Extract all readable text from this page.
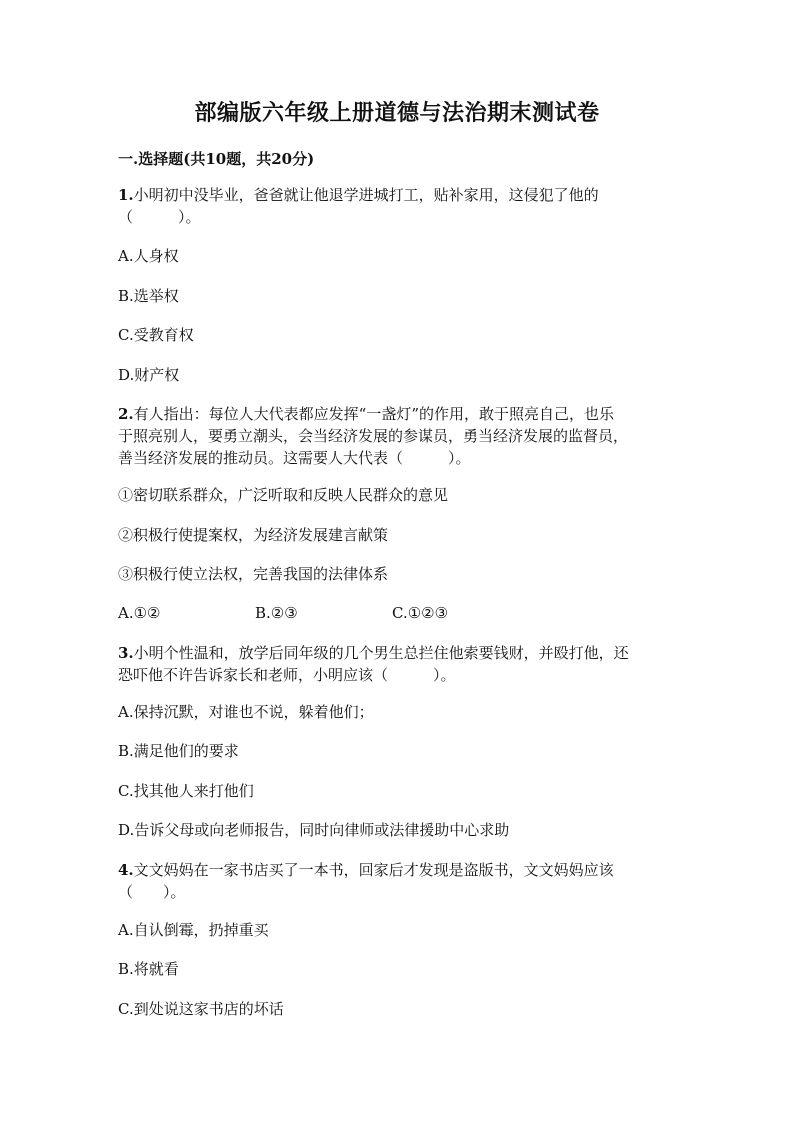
部编版六年级上册道德与法治期末测试卷
一.选择题(共10题，共20分)
1.小明初中没毕业，爸爸就让他退学进城打工，贴补家用，这侵犯了他的
（　　　）。
A.人身权
B.选举权
C.受教育权
D.财产权
2.有人指出：每位人大代表都应发挥“一盏灯”的作用，敢于照亮自己，也乐
于照亮别人，要勇立潮头，会当经济发展的参谋员，勇当经济发展的监督员，
善当经济发展的推动员。这需要人大代表（　　　）。
①密切联系群众，广泛听取和反映人民群众的意见
②积极行使提案权，为经济发展建言献策
③积极行使立法权，完善我国的法律体系
A.①②	B.②③	C.①②③
3.小明个性温和，放学后同年级的几个男生总拦住他索要钱财，并殴打他，还
恐吓他不许告诉家长和老师，小明应该（　　　）。
A.保持沉默，对谁也不说，躲着他们；
B.满足他们的要求
C.找其他人来打他们
D.告诉父母或向老师报告，同时向律师或法律援助中心求助
4.文文妈妈在一家书店买了一本书，回家后才发现是盗版书，文文妈妈应该
（　　）。
A.自认倒霉，扔掉重买
B.将就看
C.到处说这家书店的坏话
